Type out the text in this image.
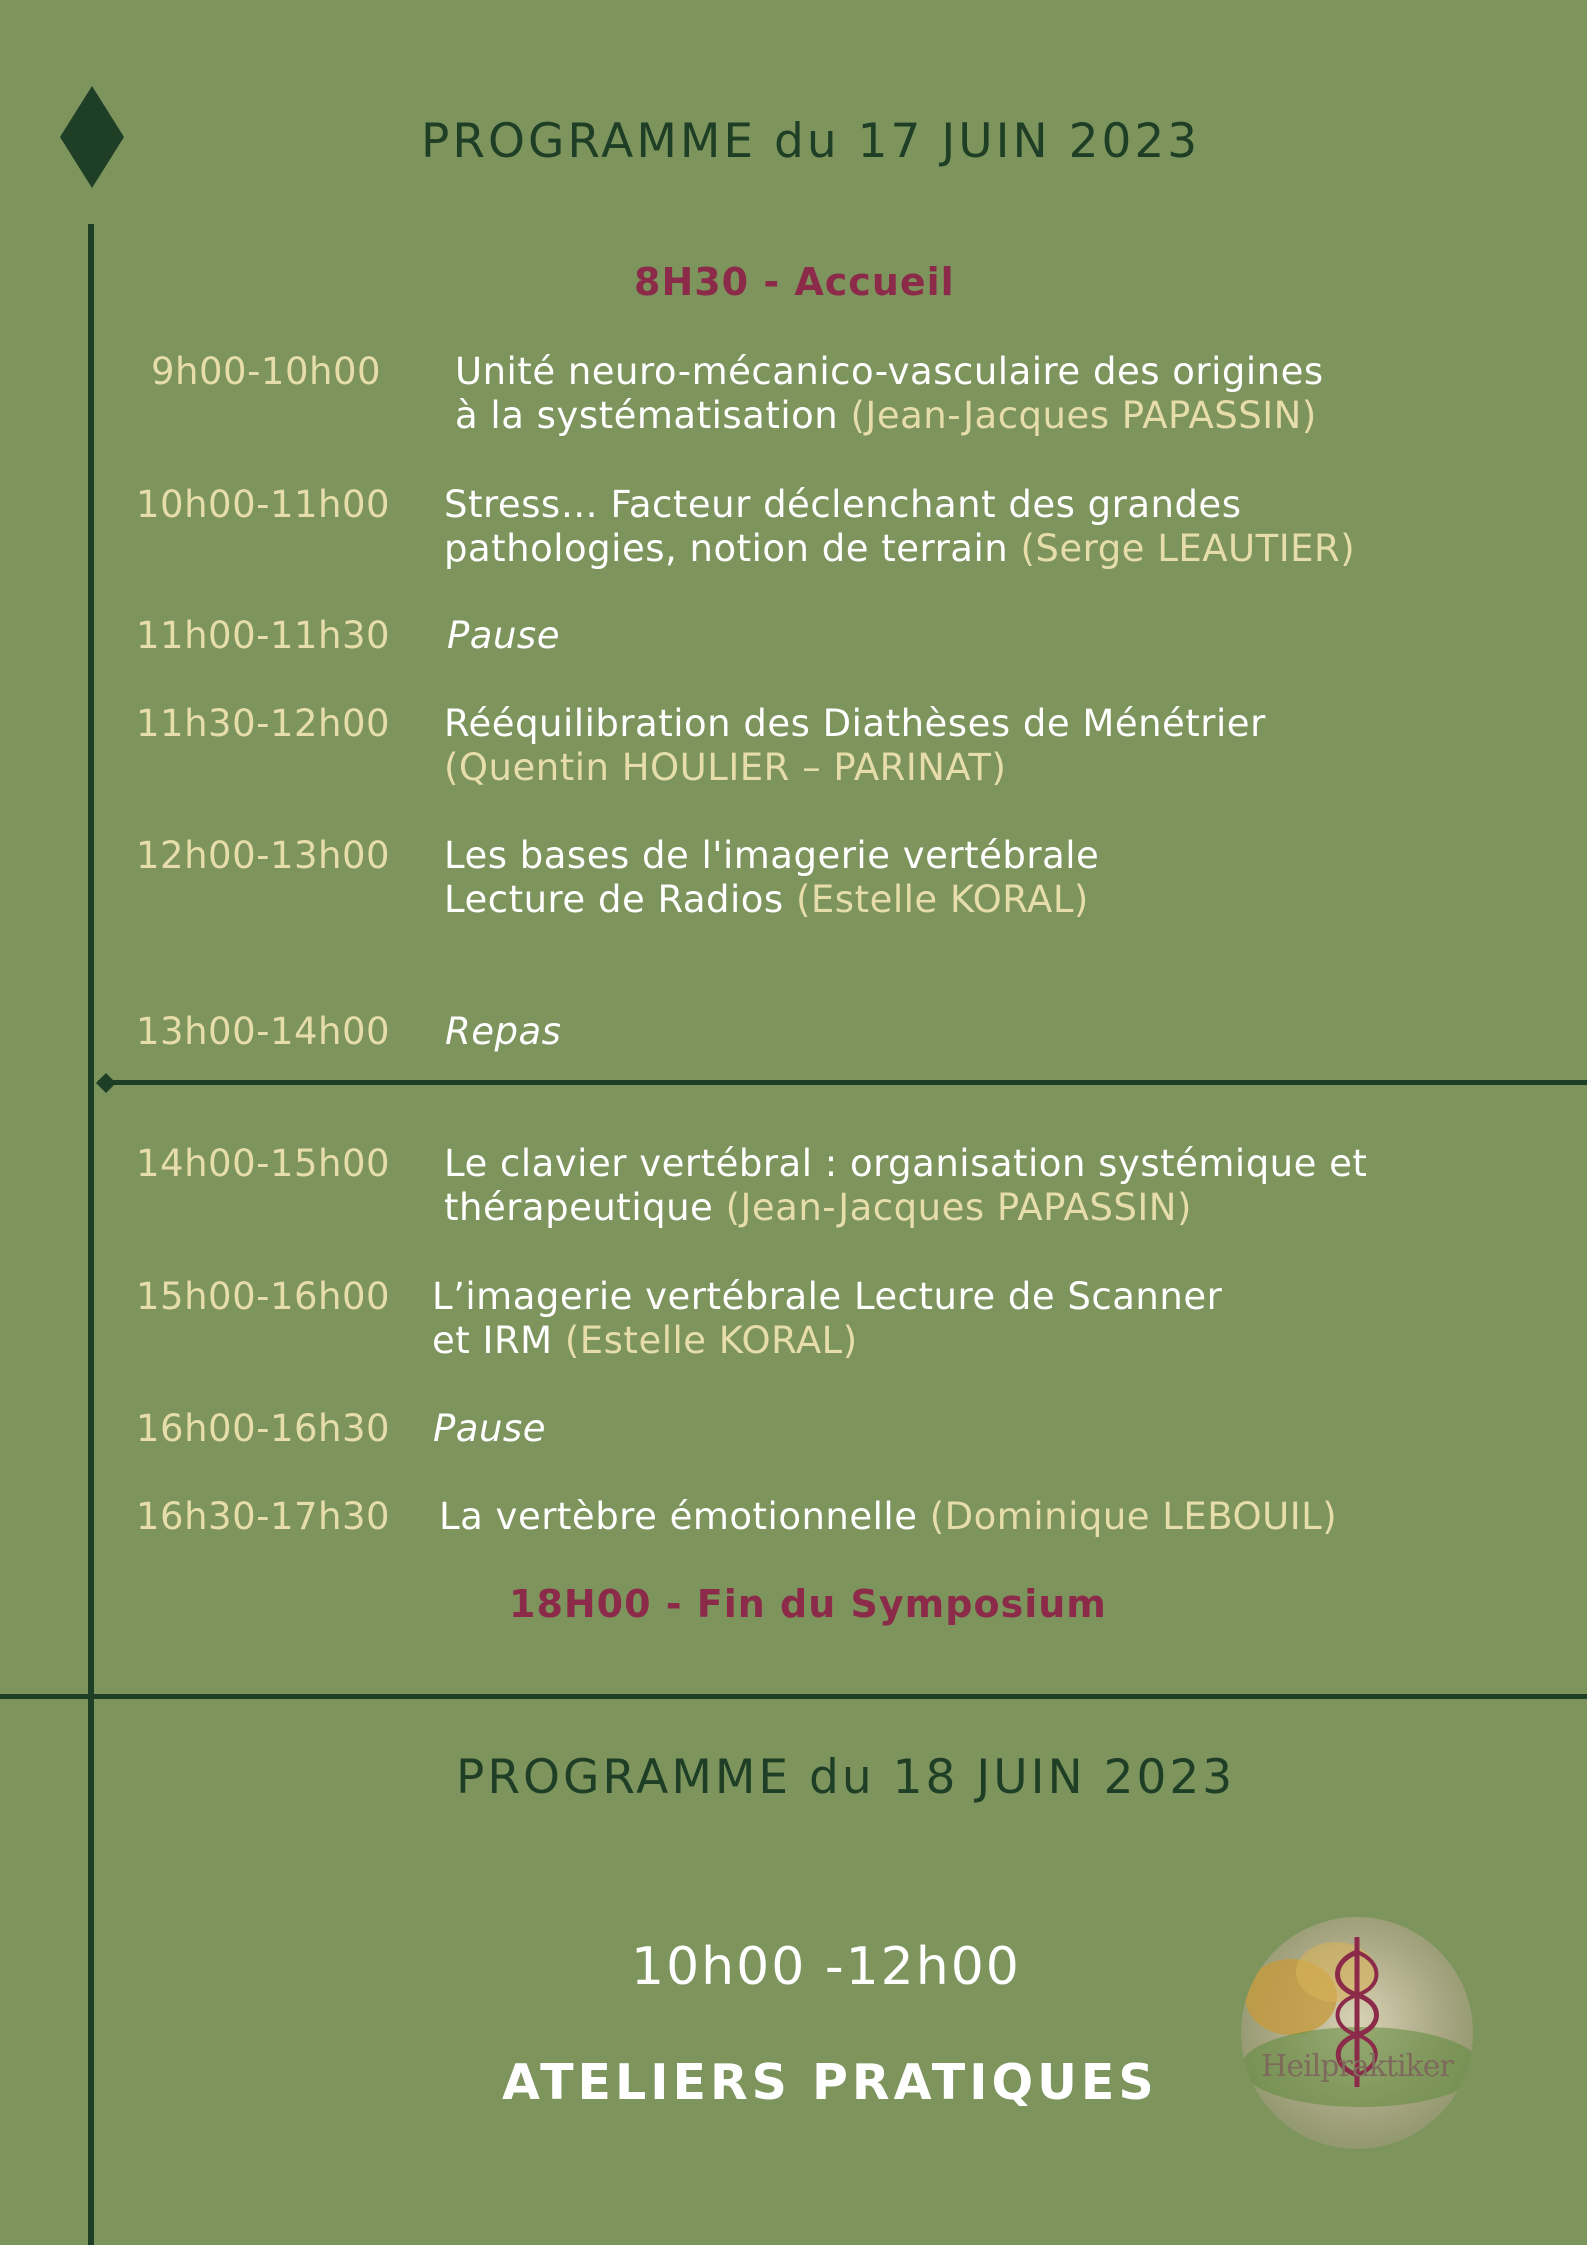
PROGRAMME du 17 JUIN 2023
8H30 - Accueil
9h00-10h00 Unité neuro-mécanico-vasculaire des origines
à la systématisation (Jean-Jacques PAPASSIN)
10h00-11h00 Stress… Facteur déclenchant des grandes
pathologies, notion de terrain (Serge LEAUTIER)
11h00-11h30 Pause
11h30-12h00 Rééquilibration des Diathèses de Ménétrier
(Quentin HOULIER – PARINAT)
12h00-13h00 Les bases de l'imagerie vertébrale
Lecture de Radios (Estelle KORAL)
13h00-14h00 Repas
14h00-15h00 Le clavier vertébral : organisation systémique et
thérapeutique (Jean-Jacques PAPASSIN)
15h00-16h00 L’imagerie vertébrale Lecture de Scanner
et IRM (Estelle KORAL)
16h00-16h30 Pause
16h30-17h30 La vertèbre émotionnelle (Dominique LEBOUIL)
18H00 - Fin du Symposium
PROGRAMME du 18 JUIN 2023
10h00 -12h00
ATELIERS PRATIQUES	Heilpraktiker
